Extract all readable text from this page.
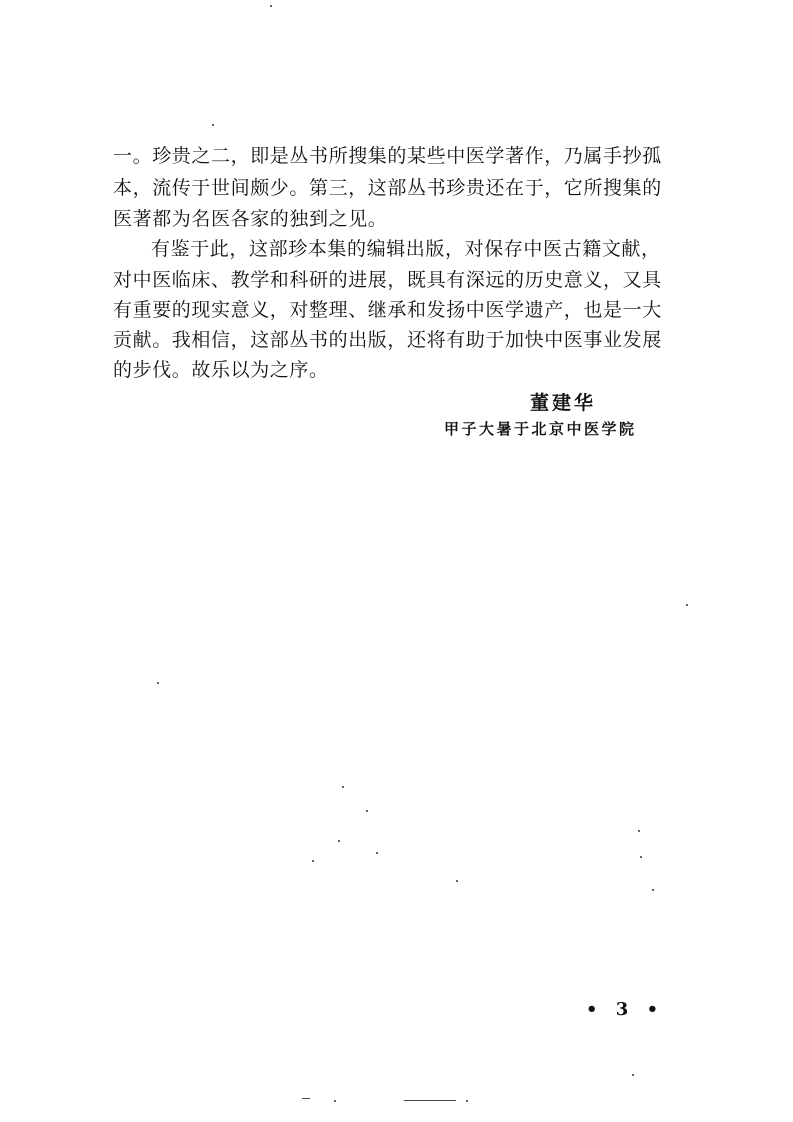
一。珍贵之二，即是丛书所搜集的某些中医学著作，乃属手抄孤
本，流传于世间颇少。第三，这部丛书珍贵还在于，它所搜集的
医著都为名医各家的独到之见。
有鉴于此，这部珍本集的编辑出版，对保存中医古籍文献，
对中医临床、教学和科研的进展，既具有深远的历史意义，又具
有重要的现实意义，对整理、继承和发扬中医学遗产，也是一大
贡献。我相信，这部丛书的出版，还将有助于加快中医事业发展
的步伐。故乐以为之序。
董建华
甲子大暑于北京中医学院
• 3 •
